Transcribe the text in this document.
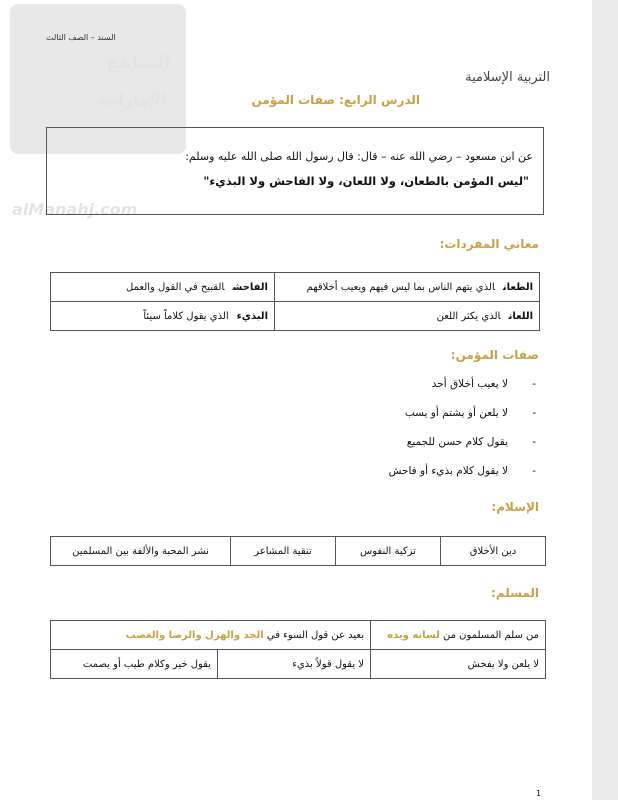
المناهج
الإماراتية
alManahj.com
السند – الصف الثالث
التربية الإسلامية
الدرس الرابع: صفات المؤمن
عن ابن مسعود – رضي الله عنه – قال: قال رسول الله صلى الله عليه وسلم:
"ليس المؤمن بالطعان، ولا اللعان، ولا الفاحش ولا البذيء"
معاني المفردات:
الطعانالذي يتهم الناس بما ليس فيهم ويعيب أخلاقهم	الفاحشالقبيح في القول والعمل
اللعانالذي يكثر اللعن	البذيءالذي يقول كلاماً سيئاً
صفات المؤمن:
-لا يعيب أخلاق أحد
-لا يلعن أو يشتم أو يسب
-يقول كلام حسن للجميع
-لا يقول كلام بذيء أو فاحش
الإسلام:
دين الأخلاق	تزكية النفوس	تنقية المشاعر	نشر المحبة والألفة بين المسلمين
المسلم:
من سلم المسلمون من لسانه ويده	بعيد عن قول السوء في الجد والهزل والرضا والغضب	
لا يلعن ولا يفحش	لا يقول قولاً بذيء	يقول خير وكلام طيب أو يصمت
1
